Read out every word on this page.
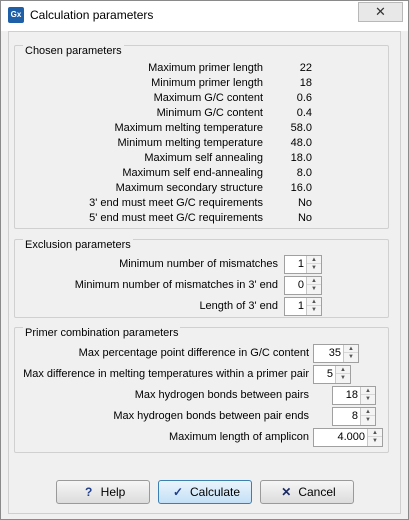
Gx Calculation parameters	✕
Chosen parameters
Maximum primer length	22
Minimum primer length	18
Maximum G/C content	0.6
Minimum G/C content	0.4
Maximum melting temperature	58.0
Minimum melting temperature	48.0
Maximum self annealing	18.0
Maximum self end-annealing	8.0
Maximum secondary structure	16.0
3' end must meet G/C requirements	No
5' end must meet G/C requirements	No
Exclusion parameters
Minimum number of mismatches 1	▲
▼
Minimum number of mismatches in 3' end 0	▲
▼
Length of 3' end 1	▲
▼
Primer combination parameters
Max percentage point difference in G/C content 35	▲
▼
Max difference in melting temperatures within a primer pair 5	▲
▼
Max hydrogen bonds between pairs	18	▲
▼
Max hydrogen bonds between pair ends	8	▲
▼
Maximum length of amplicon	4.000	▲
▼
? Help	✓ Calculate	✕ Cancel
